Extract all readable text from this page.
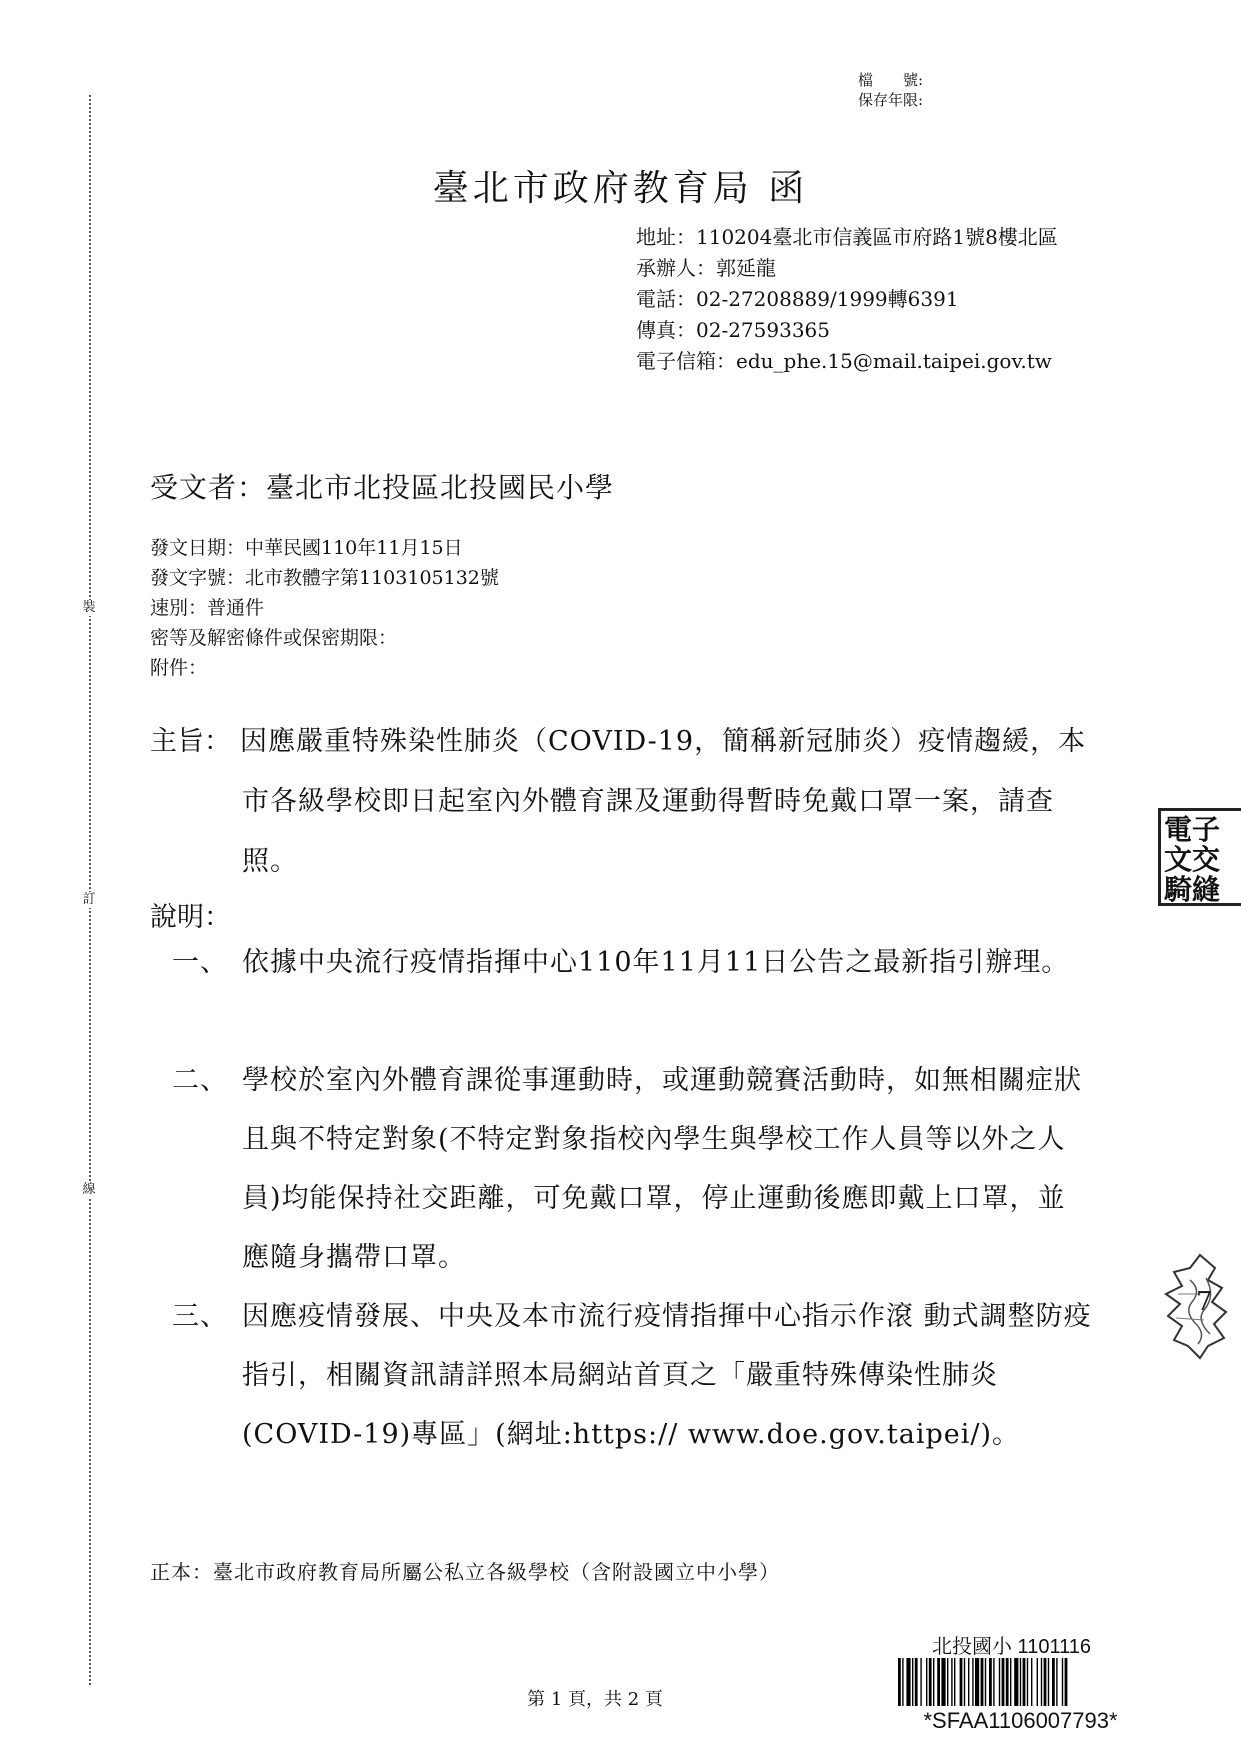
裝
訂
線
檔　　號:
保存年限:
臺北市政府教育局 函
地址：110204臺北市信義區市府路1號8樓北區
承辦人：郭延龍
電話：02-27208889/1999轉6391
傳真：02-27593365
電子信箱：edu_phe.15@mail.taipei.gov.tw
受文者：臺北市北投區北投國民小學
發文日期：中華民國110年11月15日
發文字號：北市教體字第1103105132號
速別：普通件
密等及解密條件或保密期限：
附件：
主旨： 因應嚴重特殊染性肺炎（COVID-19，簡稱新冠肺炎）疫情趨緩，本市各級學校即日起室內外體育課及運動得暫時免戴口罩一案，請查照。
說明：
一、 依據中央流行疫情指揮中心110年11月11日公告之最新指引辦理。
二、 學校於室內外體育課從事運動時，或運動競賽活動時，如無相關症狀且與不特定對象(不特定對象指校內學生與學校工作人員等以外之人員)均能保持社交距離，可免戴口罩，停止運動後應即戴上口罩，並應隨身攜帶口罩。
三、 因應疫情發展、中央及本市流行疫情指揮中心指示作滾 動式調整防疫指引，相關資訊請詳照本局網站首頁之「嚴重特殊傳染性肺炎(COVID-19)專區」(網址:https:// www.doe.gov.taipei/)。
正本：臺北市政府教育局所屬公私立各級學校（含附設國立中小學）
第 1 頁，共 2 頁
北投國小 1101116
*SFAA1106007793*
電子
文交
騎縫
7
